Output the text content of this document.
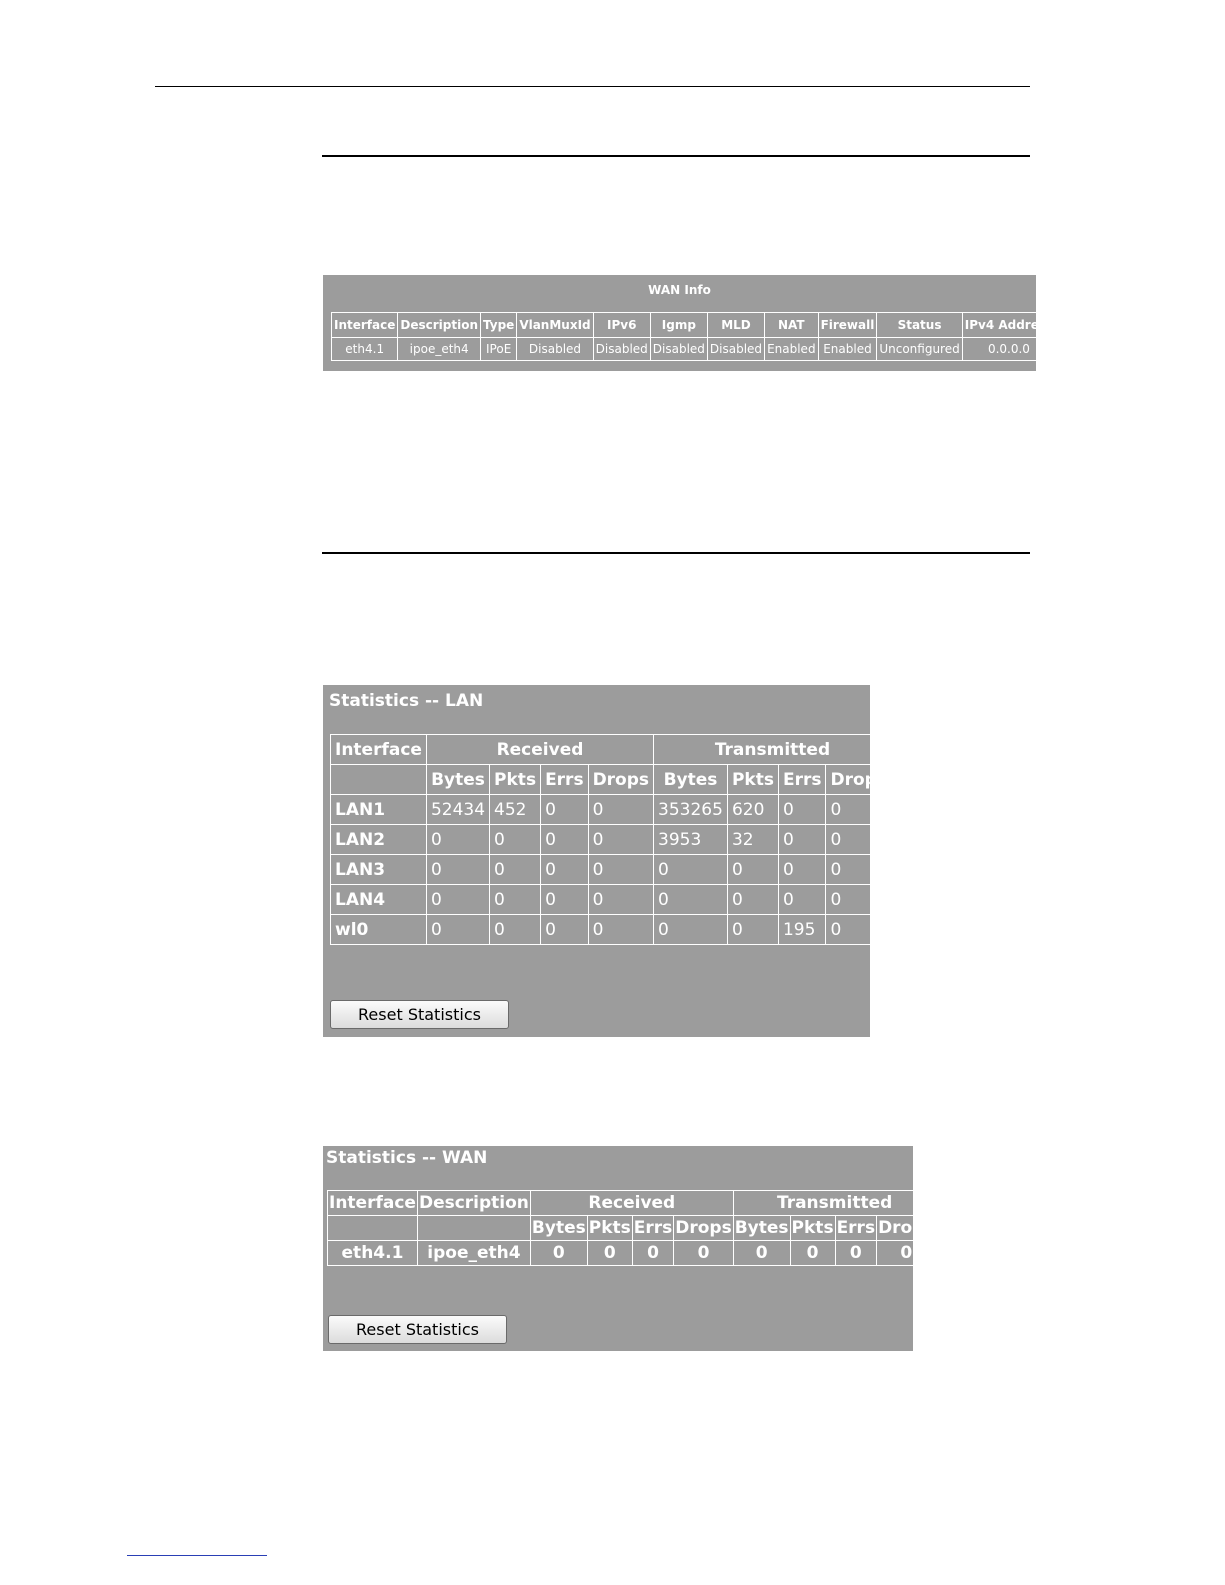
WAN Info
Interface	Description	Type	VlanMuxId	IPv6	Igmp	MLD	NAT	Firewall	Status	IPv4 Address
eth4.1	ipoe_eth4	IPoE	Disabled	Disabled	Disabled	Disabled	Enabled	Enabled	Unconfigured	0.0.0.0
Statistics -- LAN
Interface	Received				Transmitted			
	Bytes	Pkts	Errs	Drops	Bytes	Pkts	Errs	Drops
LAN1	52434	452	0	0	353265	620	0	0
LAN2	0	0	0	0	3953	32	0	0
LAN3	0	0	0	0	0	0	0	0
LAN4	0	0	0	0	0	0	0	0
wl0	0	0	0	0	0	0	195	0
Reset Statistics
Statistics -- WAN
Interface	Description	Received				Transmitted			
		Bytes	Pkts	Errs	Drops	Bytes	Pkts	Errs	Drops
eth4.1	ipoe_eth4	0	0	0	0	0	0	0	0
Reset Statistics
